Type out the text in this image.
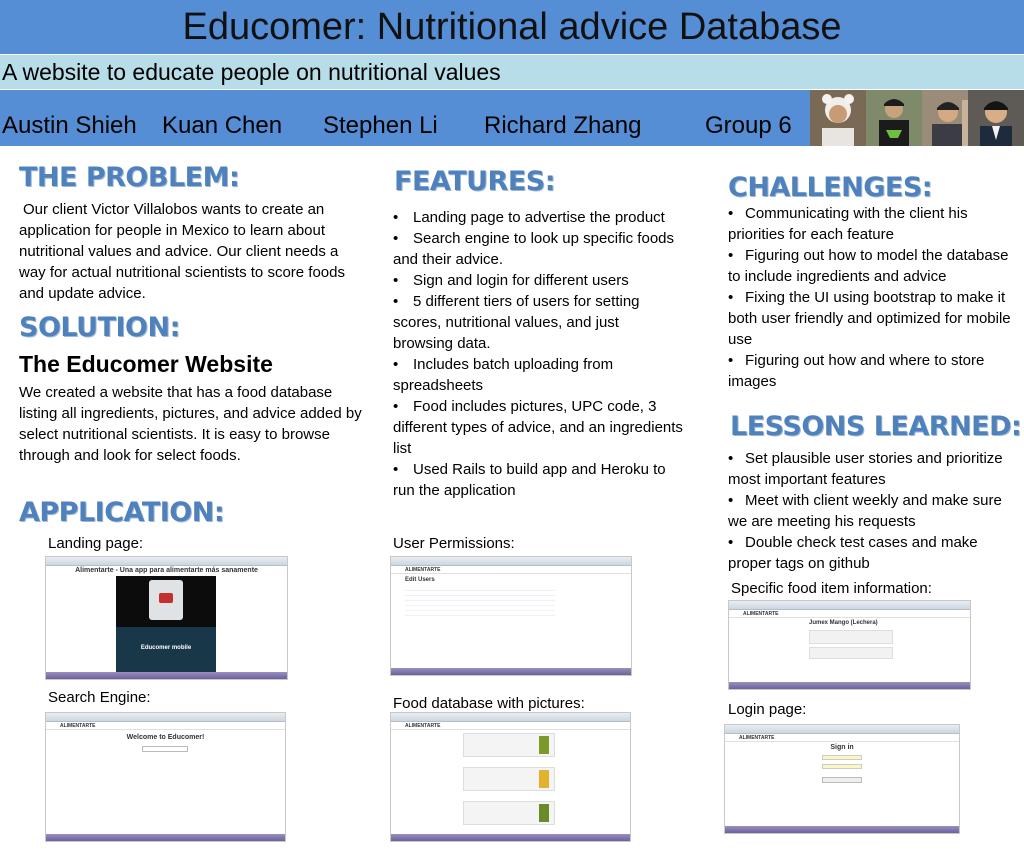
Educomer: Nutritional advice Database
A website to educate people on nutritional values
Austin Shieh Kuan Chen Stephen Li Richard Zhang	Group 6
THE PROBLEM:

Our client Victor Villalobos wants to create an application for people in Mexico to learn about nutritional values and advice. Our client needs a way for actual nutritional scientists to score foods and update advice.

SOLUTION:
The Educomer Website

We created a website that has a food database listing all ingredients, pictures, and advice added by select nutritional scientists. It is easy to browse through and look for select foods.

APPLICATION:
FEATURES:
• Landing page to advertise the product
• Search engine to look up specific foods and their advice.
• Sign and login for different users
• 5 different tiers of users for setting scores, nutritional values, and just browsing data.
• Includes batch uploading from spreadsheets
• Food includes pictures, UPC code, 3 different types of advice, and an ingredients list
• Used Rails to build app and Heroku to run the application
CHALLENGES:
• Communicating with the client his priorities for each feature
• Figuring out how to model the database to include ingredients and advice
• Fixing the UI using bootstrap to make it both user friendly and optimized for mobile use
• Figuring out how and where to store images
LESSONS LEARNED:
• Set plausible user stories and prioritize most important features
• Meet with client weekly and make sure we are meeting his requests
• Double check test cases and make proper tags on github
Landing page:
Alimentarte - Una app para alimentarte más sanamente
Educomer mobile
Search Engine:
ALIMENTARTE
Welcome to Educomer!
User Permissions:
ALIMENTARTE
Edit Users
Food database with pictures:
ALIMENTARTE
Specific food item information:
ALIMENTARTE
Jumex Mango (Lechera)
Login page:
ALIMENTARTE
Sign in
